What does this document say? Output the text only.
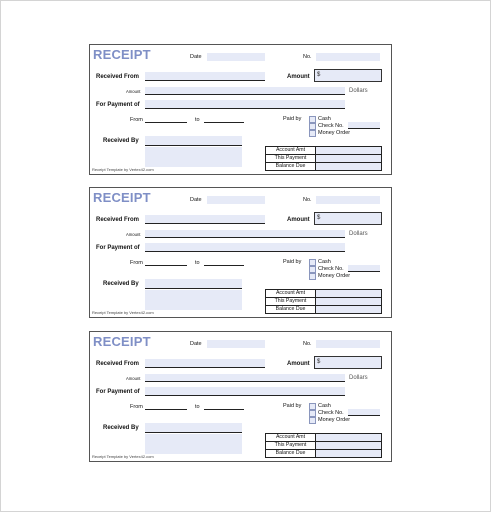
RECEIPT	Date	No.
Received From	Amount	$
Amount	Dollars
For Payment of
From	to	Paid by	Cash
Check No.
Money Order
Received By
Account Amt
This Payment
Balance Due
Receipt Template by Vertex42.com
RECEIPT	Date	No.
Received From	Amount	$
Amount	Dollars
For Payment of
From	to	Paid by	Cash
Check No.
Money Order
Received By
Account Amt
This Payment
Balance Due
Receipt Template by Vertex42.com
RECEIPT	Date	No.
Received From	Amount	$
Amount	Dollars
For Payment of
From	to	Paid by	Cash
Check No.
Money Order
Received By
Account Amt
This Payment
Balance Due
Receipt Template by Vertex42.com
